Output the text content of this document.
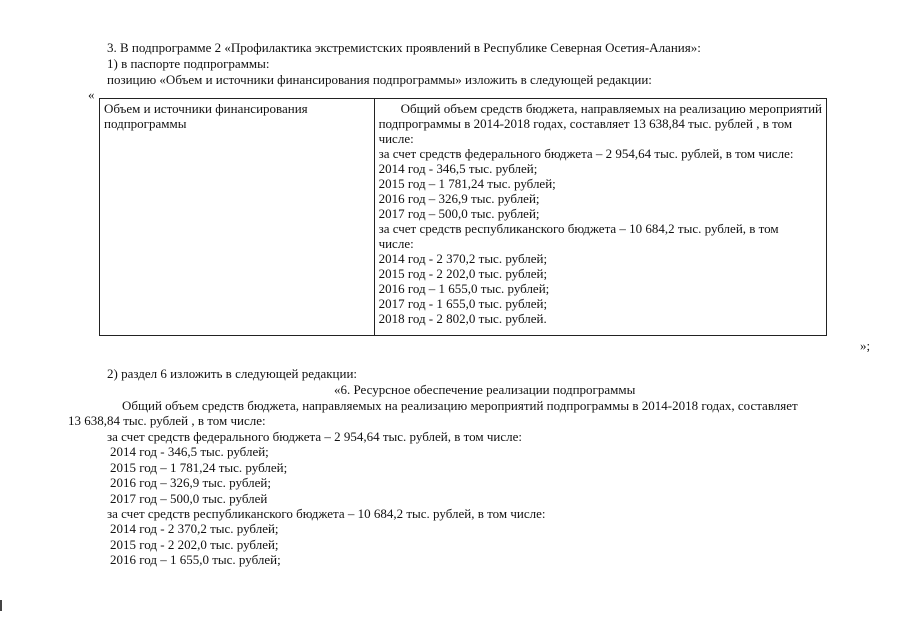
3. В подпрограмме 2 «Профилактика экстремистских проявлений в Республике Северная Осетия-Алания»:
1) в паспорте подпрограммы:
позицию «Объем и источники финансирования подпрограммы» изложить в следующей редакции:
«
Объем и источники финансирования
подпрограммы
Общий объем средств бюджета, направляемых на реализацию мероприятий
подпрограммы в 2014-2018 годах, составляет 13 638,84 тыс. рублей , в том
числе:
за счет средств федерального бюджета – 2 954,64 тыс. рублей, в том числе:
2014 год - 346,5 тыс. рублей;
2015 год – 1 781,24 тыс. рублей;
2016 год – 326,9 тыс. рублей;
2017 год – 500,0 тыс. рублей;
за счет средств республиканского бюджета – 10 684,2 тыс. рублей, в том
числе:
2014 год - 2 370,2 тыс. рублей;
2015 год - 2 202,0 тыс. рублей;
2016 год – 1 655,0 тыс. рублей;
2017 год - 1 655,0 тыс. рублей;
2018 год - 2 802,0 тыс. рублей.
»;
2) раздел 6 изложить в следующей редакции:
«6. Ресурсное обеспечение реализации подпрограммы
Общий объем средств бюджета, направляемых на реализацию мероприятий подпрограммы в 2014-2018 годах, составляет
13 638,84 тыс. рублей , в том числе:
за счет средств федерального бюджета – 2 954,64 тыс. рублей, в том числе:
2014 год - 346,5 тыс. рублей;
2015 год – 1 781,24 тыс. рублей;
2016 год – 326,9 тыс. рублей;
2017 год – 500,0 тыс. рублей
за счет средств республиканского бюджета – 10 684,2 тыс. рублей, в том числе:
2014 год - 2 370,2 тыс. рублей;
2015 год - 2 202,0 тыс. рублей;
2016 год – 1 655,0 тыс. рублей;
